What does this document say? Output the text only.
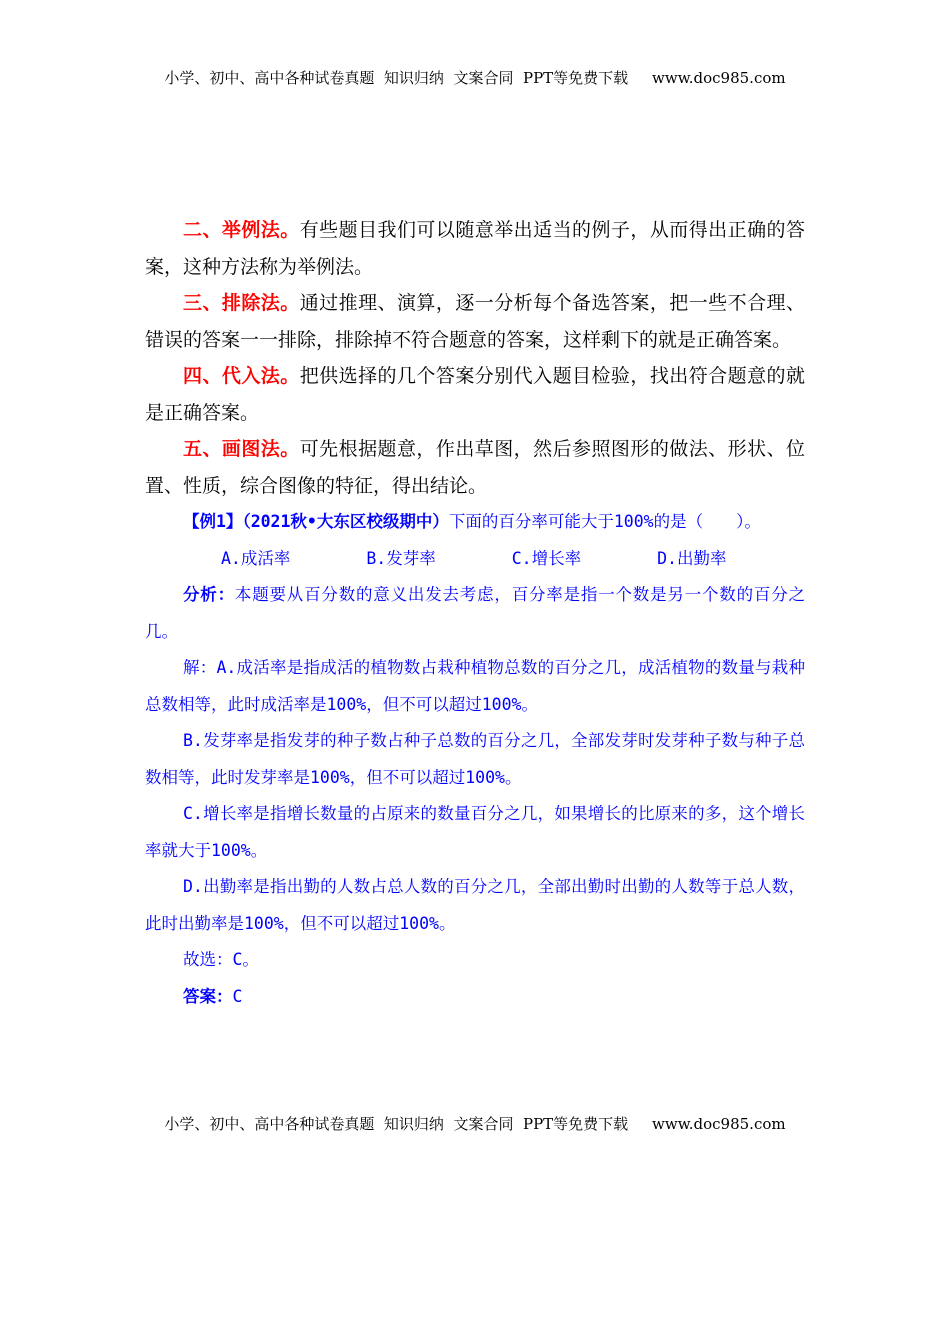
小学、初中、高中各种试卷真题  知识归纳  文案合同  PPT等免费下载     www.doc985.com

二、举例法。有些题目我们可以随意举出适当的例子，从而得出正确的答案，这种方法称为举例法。

三、排除法。通过推理、演算，逐一分析每个备选答案，把一些不合理、错误的答案一一排除，排除掉不符合题意的答案，这样剩下的就是正确答案。

四、代入法。把供选择的几个答案分别代入题目检验，找出符合题意的就是正确答案。

五、画图法。可先根据题意，作出草图，然后参照图形的做法、形状、位置、性质，综合图像的特征，得出结论。

【例1】（2021秋•大东区校级期中）下面的百分率可能大于100%的是（　　）。

A.成活率	B.发芽率	C.增长率	D.出勤率

分析：本题要从百分数的意义出发去考虑，百分率是指一个数是另一个数的百分之几。

解：A.成活率是指成活的植物数占栽种植物总数的百分之几，成活植物的数量与栽种总数相等，此时成活率是100%，但不可以超过100%。

B.发芽率是指发芽的种子数占种子总数的百分之几，全部发芽时发芽种子数与种子总数相等，此时发芽率是100%，但不可以超过100%。

C.增长率是指增长数量的占原来的数量百分之几，如果增长的比原来的多，这个增长率就大于100%。

D.出勤率是指出勤的人数占总人数的百分之几，全部出勤时出勤的人数等于总人数，此时出勤率是100%，但不可以超过100%。

故选：C。

答案：C

小学、初中、高中各种试卷真题  知识归纳  文案合同  PPT等免费下载     www.doc985.com
